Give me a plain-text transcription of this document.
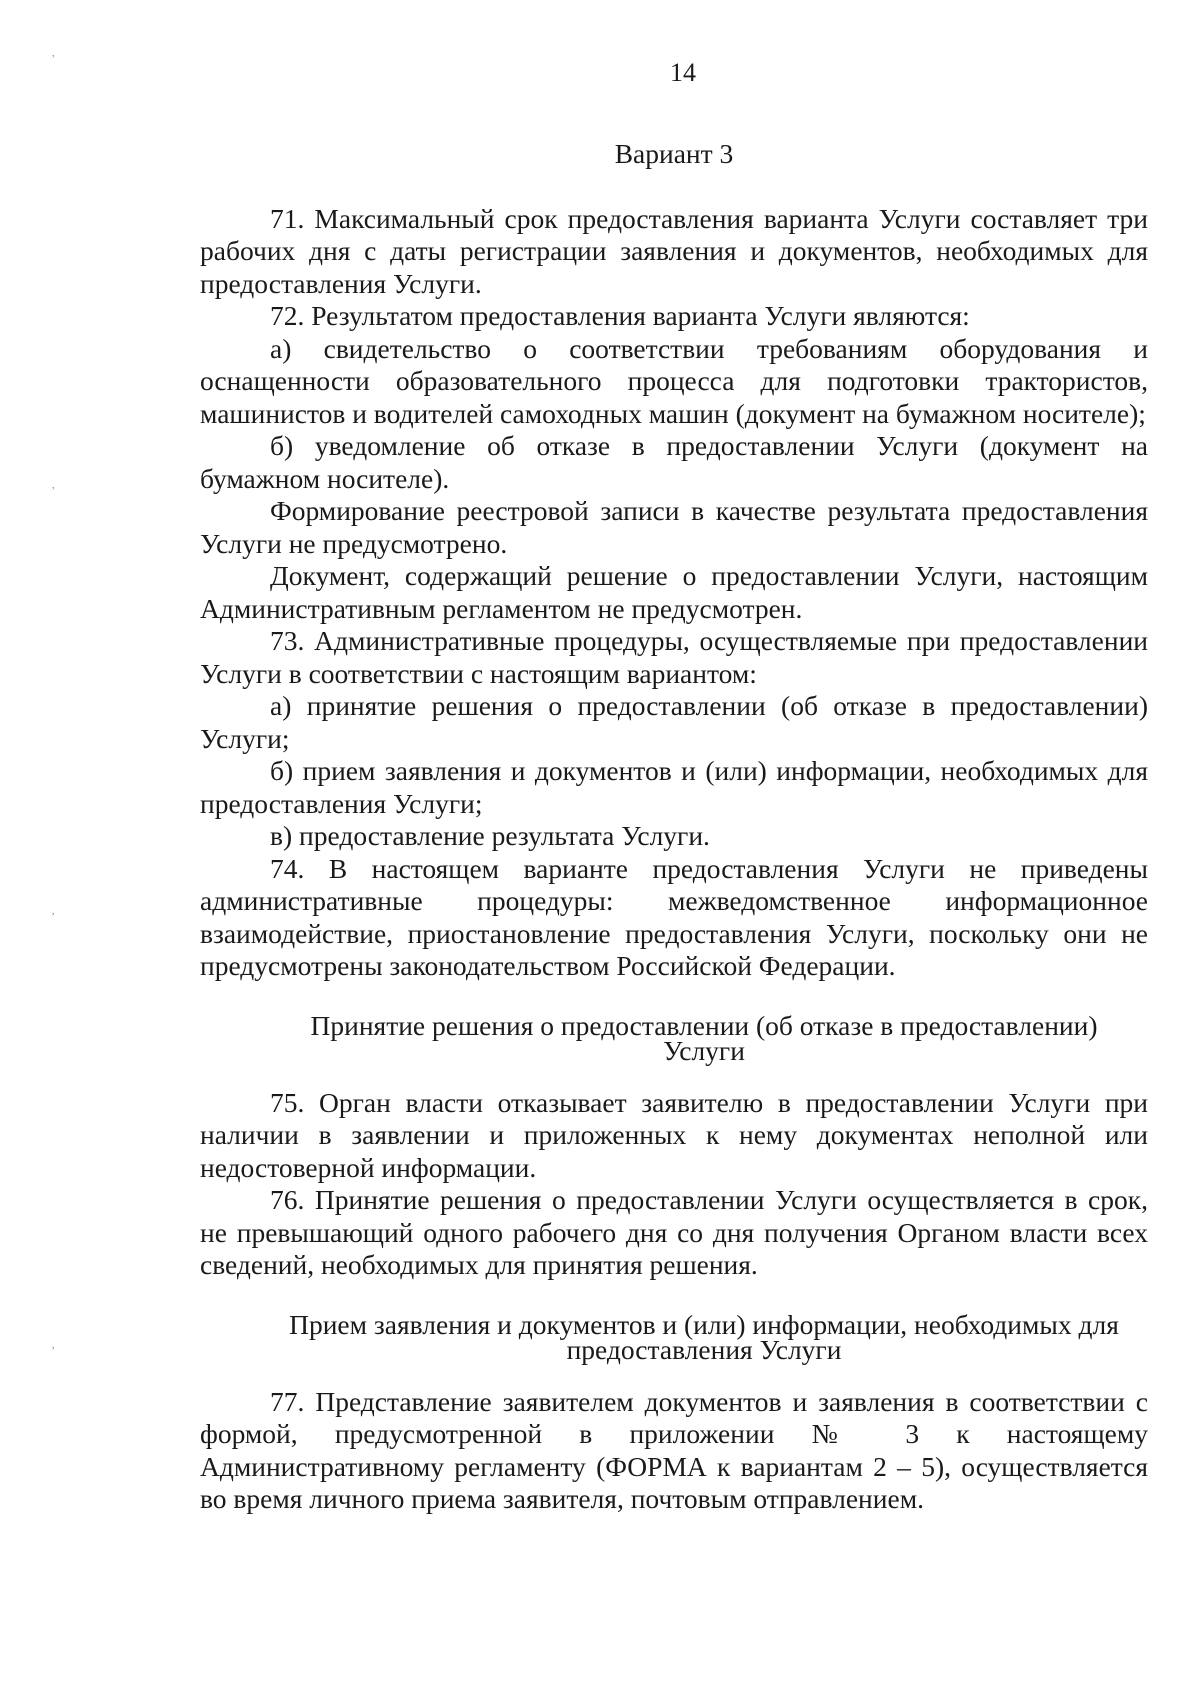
,
,
,
,
14
Вариант 3

71. Максимальный срок предоставления варианта Услуги составляет три рабочих дня с даты регистрации заявления и документов, необходимых для предоставления Услуги.

72. Результатом предоставления варианта Услуги являются:

а) свидетельство о соответствии требованиям оборудования и оснащенности образовательного процесса для подготовки трактористов, машинистов и водителей самоходных машин (документ на бумажном носителе);

б) уведомление об отказе в предоставлении Услуги (документ на бумажном носителе).

Формирование реестровой записи в качестве результата предоставления Услуги не предусмотрено.

Документ, содержащий решение о предоставлении Услуги, настоящим Административным регламентом не предусмотрен.

73. Административные процедуры, осуществляемые при предоставлении Услуги в соответствии с настоящим вариантом:

а) принятие решения о предоставлении (об отказе в предоставлении) Услуги;

б) прием заявления и документов и (или) информации, необходимых для предоставления Услуги;

в) предоставление результата Услуги.

74. В настоящем варианте предоставления Услуги не приведены административные процедуры: межведомственное информационное взаимодействие, приостановление предоставления Услуги, поскольку они не предусмотрены законодательством Российской Федерации.

Принятие решения о предоставлении (об отказе в предоставлении) Услуги

75. Орган власти отказывает заявителю в предоставлении Услуги при наличии в заявлении и приложенных к нему документах неполной или недостоверной информации.

76. Принятие решения о предоставлении Услуги осуществляется в срок, не превышающий одного рабочего дня со дня получения Органом власти всех сведений, необходимых для принятия решения.

Прием заявления и документов и (или) информации, необходимых для предоставления Услуги

77. Представление заявителем документов и заявления в соответствии с формой, предусмотренной в приложении № 3 к настоящему Административному регламенту (ФОРМА к вариантам 2 – 5), осуществляется во время личного приема заявителя, почтовым отправлением.
